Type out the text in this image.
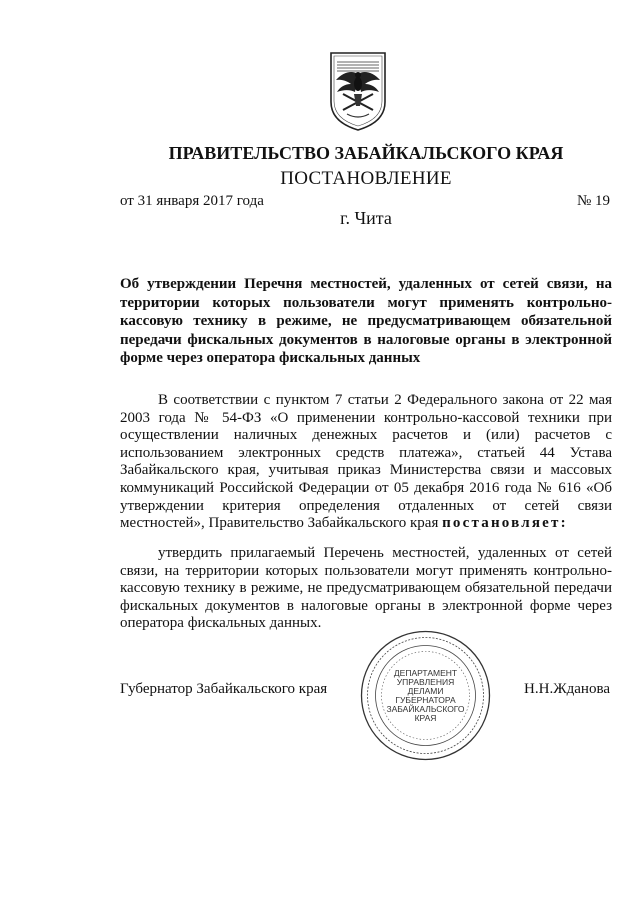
ПРАВИТЕЛЬСТВО ЗАБАЙКАЛЬСКОГО КРАЯ
ПОСТАНОВЛЕНИЕ
от 31 января 2017 года	№ 19
г. Чита
Об утверждении Перечня местностей, удаленных от сетей связи, на территории которых пользователи могут применять контрольно-кассовую технику в режиме, не предусматривающем обязательной передачи фискальных документов в налоговые органы в электронной форме через оператора фискальных данных
В соответствии с пунктом 7 статьи 2 Федерального закона от 22 мая 2003 года № 54-ФЗ «О применении контрольно-кассовой техники при осуществлении наличных денежных расчетов и (или) расчетов с использованием электронных средств платежа», статьей 44 Устава Забайкальского края, учитывая приказ Министерства связи и массовых коммуникаций Российской Федерации от 05 декабря 2016 года № 616 «Об утверждении критерия определения отдаленных от сетей связи местностей», Правительство Забайкальского края постановляет:
утвердить прилагаемый Перечень местностей, удаленных от сетей связи, на территории которых пользователи могут применять контрольно-кассовую технику в режиме, не предусматривающем обязательной передачи фискальных документов в налоговые органы в электронной форме через оператора фискальных данных.
Губернатор Забайкальского края	Н.Н.Жданова
ДЕПАРТАМЕНТ
УПРАВЛЕНИЯ
ДЕЛАМИ
ГУБЕРНАТОРА
ЗАБАЙКАЛЬСКОГО
КРАЯ
